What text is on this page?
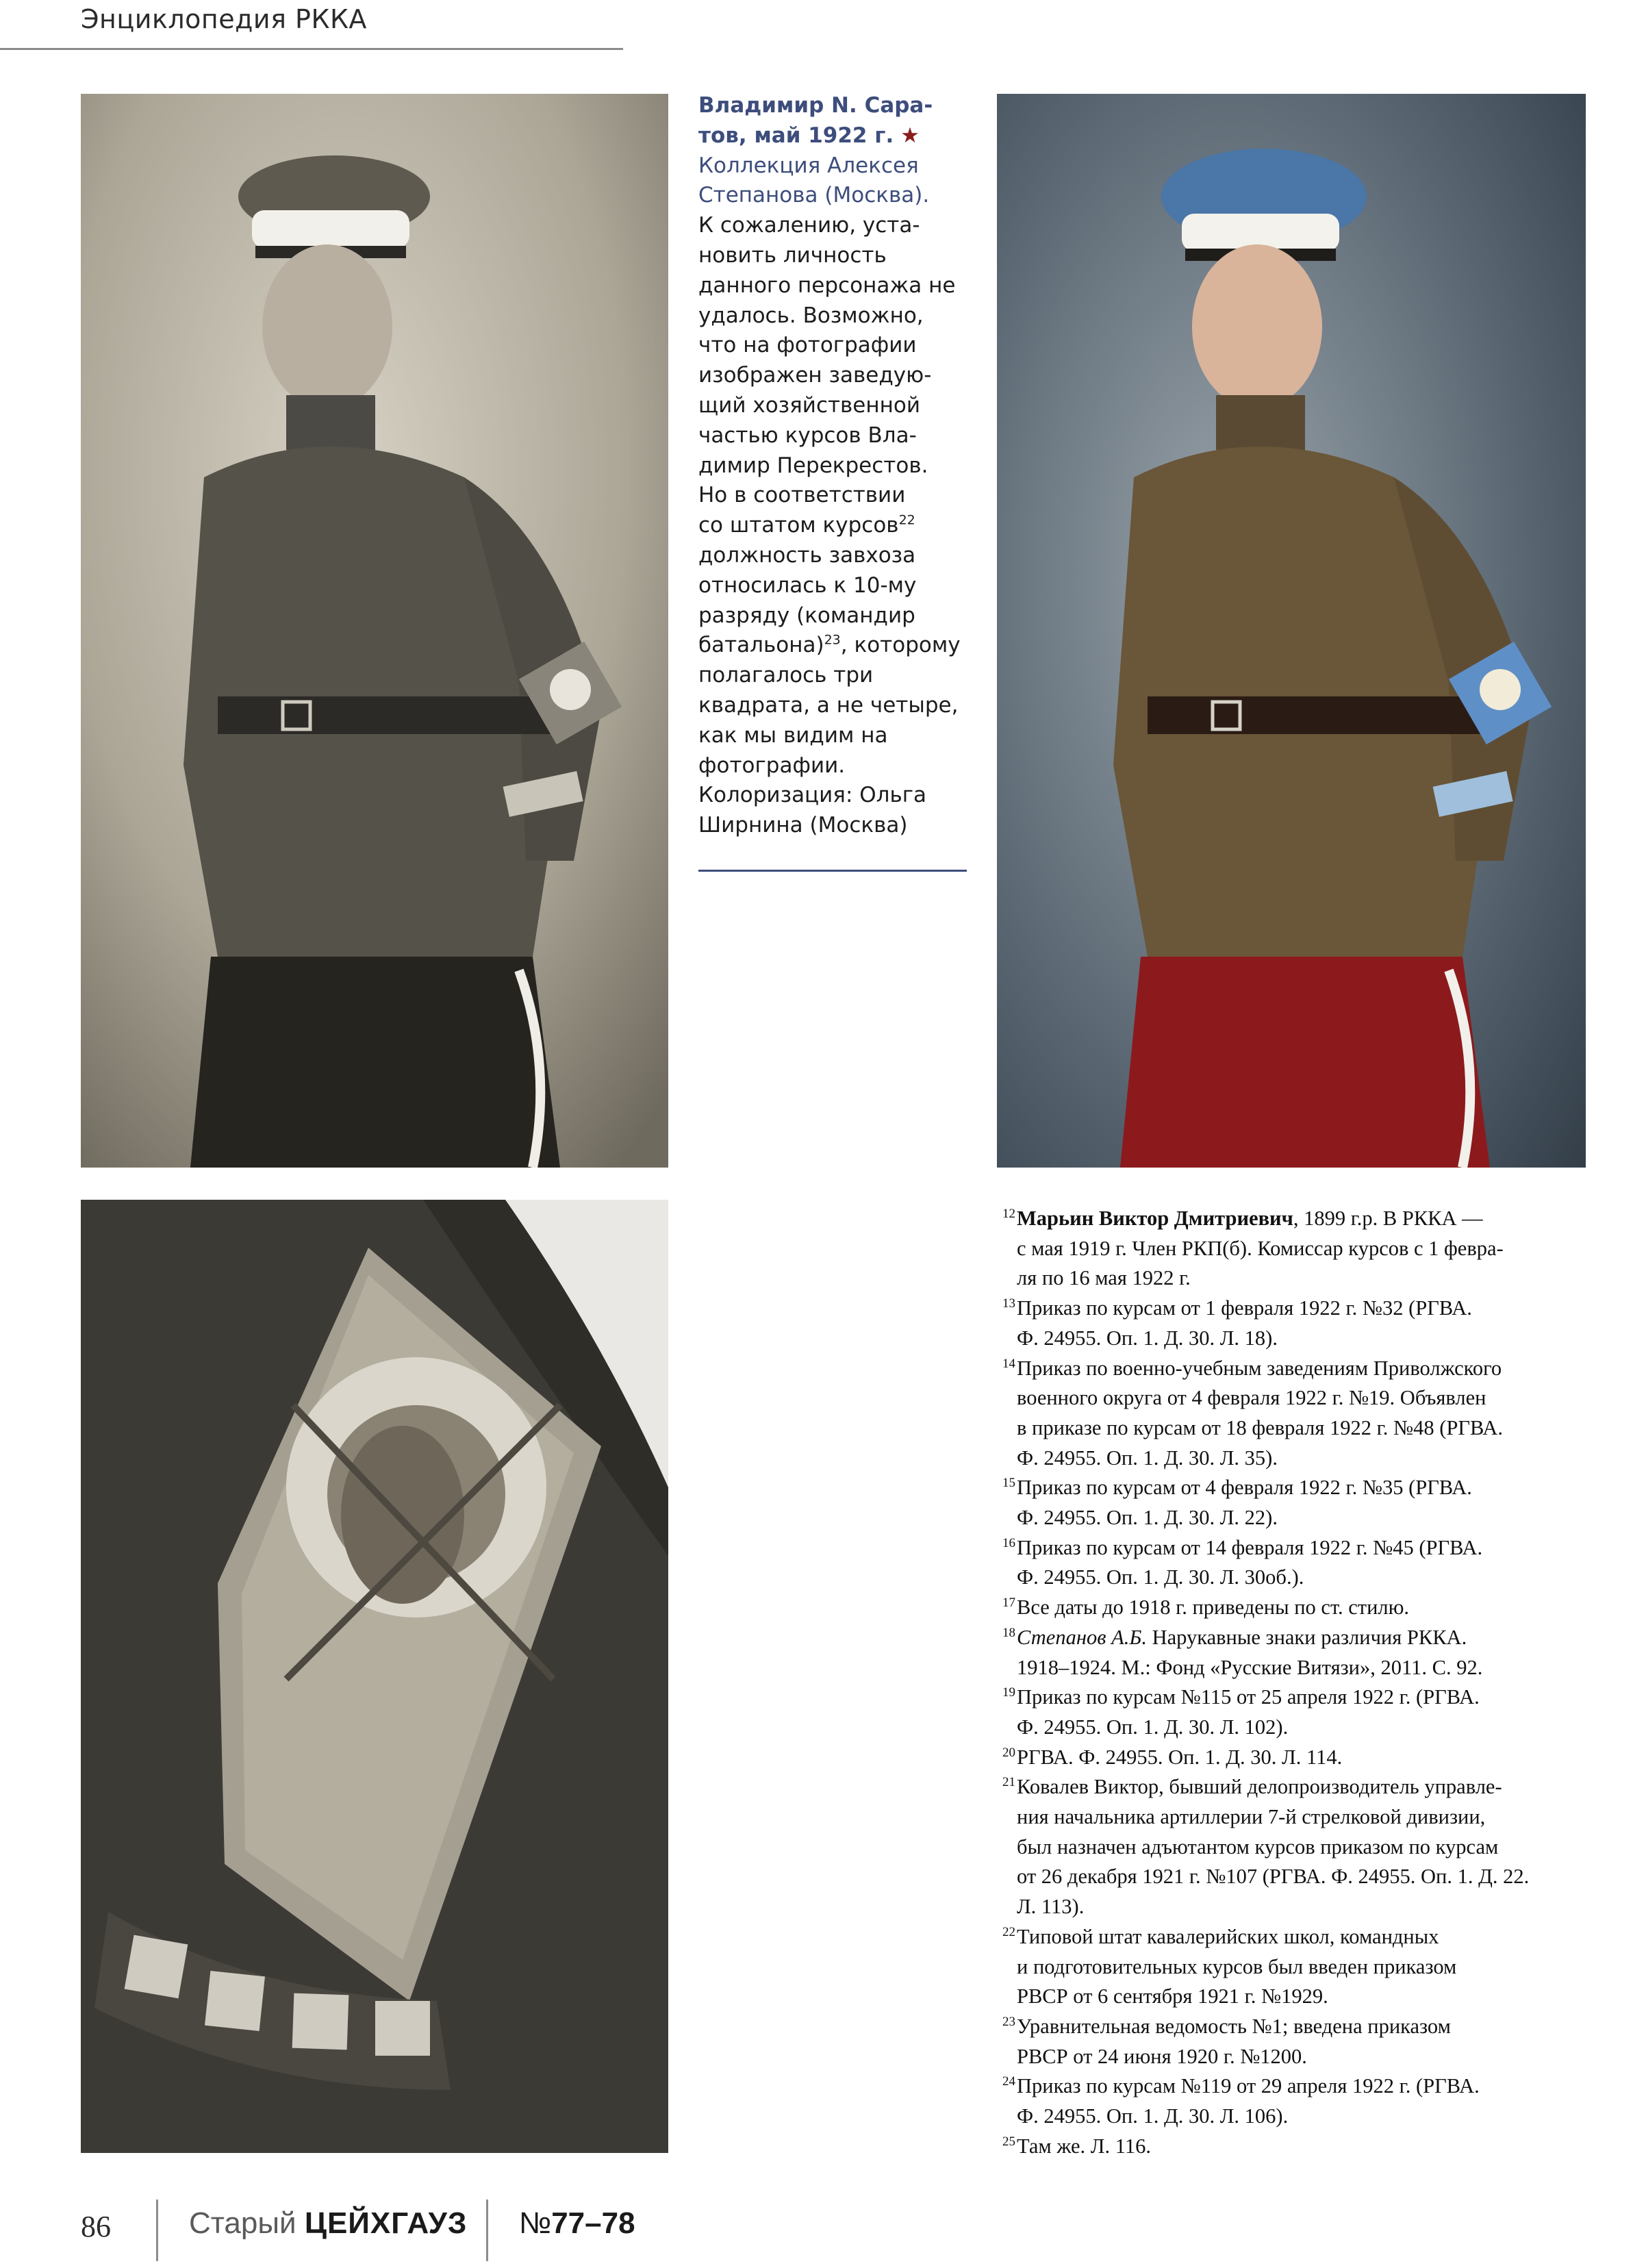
Энциклопедия РККА
Владимир N. Сара-
тов, май 1922 г. ★
Коллекция Алексея
Степанова (Москва).
К сожалению, уста-
новить личность
данного персонажа не
удалось. Возможно,
что на фотографии
изображен заведую-
щий хозяйственной
частью курсов Вла-
димир Перекрестов.
Но в соответствии
со штатом курсов$^{22}$
должность завхоза
относилась к 10-му
разряду (командир
батальона)$^{23}$, которому
полагалось три
квадрата, а не четыре,
как мы видим на
фотографии.
Колоризация: Ольга
Ширнина (Москва)
12 Марьин Виктор Дмитриевич, 1899 г.р. В РККА —
с мая 1919 г. Член РКП(б). Комиссар курсов с 1 февра-
ля по 16 мая 1922 г.
13 Приказ по курсам от 1 февраля 1922 г. №32 (РГВА.
Ф. 24955. Оп. 1. Д. 30. Л. 18).
14 Приказ по военно-учебным заведениям Приволжского
военного округа от 4 февраля 1922 г. №19. Объявлен
в приказе по курсам от 18 февраля 1922 г. №48 (РГВА.
Ф. 24955. Оп. 1. Д. 30. Л. 35).
15 Приказ по курсам от 4 февраля 1922 г. №35 (РГВА.
Ф. 24955. Оп. 1. Д. 30. Л. 22).
16 Приказ по курсам от 14 февраля 1922 г. №45 (РГВА.
Ф. 24955. Оп. 1. Д. 30. Л. 30об.).
17 Все даты до 1918 г. приведены по ст. стилю.
18 Степанов А.Б. Нарукавные знаки различия РККА.
1918–1924. М.: Фонд «Русские Витязи», 2011. С. 92.
19 Приказ по курсам №115 от 25 апреля 1922 г. (РГВА.
Ф. 24955. Оп. 1. Д. 30. Л. 102).
20 РГВА. Ф. 24955. Оп. 1. Д. 30. Л. 114.
21 Ковалев Виктор, бывший делопроизводитель управле-
ния начальника артиллерии 7-й стрелковой дивизии,
был назначен адъютантом курсов приказом по курсам
от 26 декабря 1921 г. №107 (РГВА. Ф. 24955. Оп. 1. Д. 22.
Л. 113).
22 Типовой штат кавалерийских школ, командных
и подготовительных курсов был введен приказом
РВСР от 6 сентября 1921 г. №1929.
23 Уравнительная ведомость №1; введена приказом
РВСР от 24 июня 1920 г. №1200.
24 Приказ по курсам №119 от 29 апреля 1922 г. (РГВА.
Ф. 24955. Оп. 1. Д. 30. Л. 106).
25 Там же. Л. 116.
86	Старый ЦЕЙХГАУЗ №77–78
